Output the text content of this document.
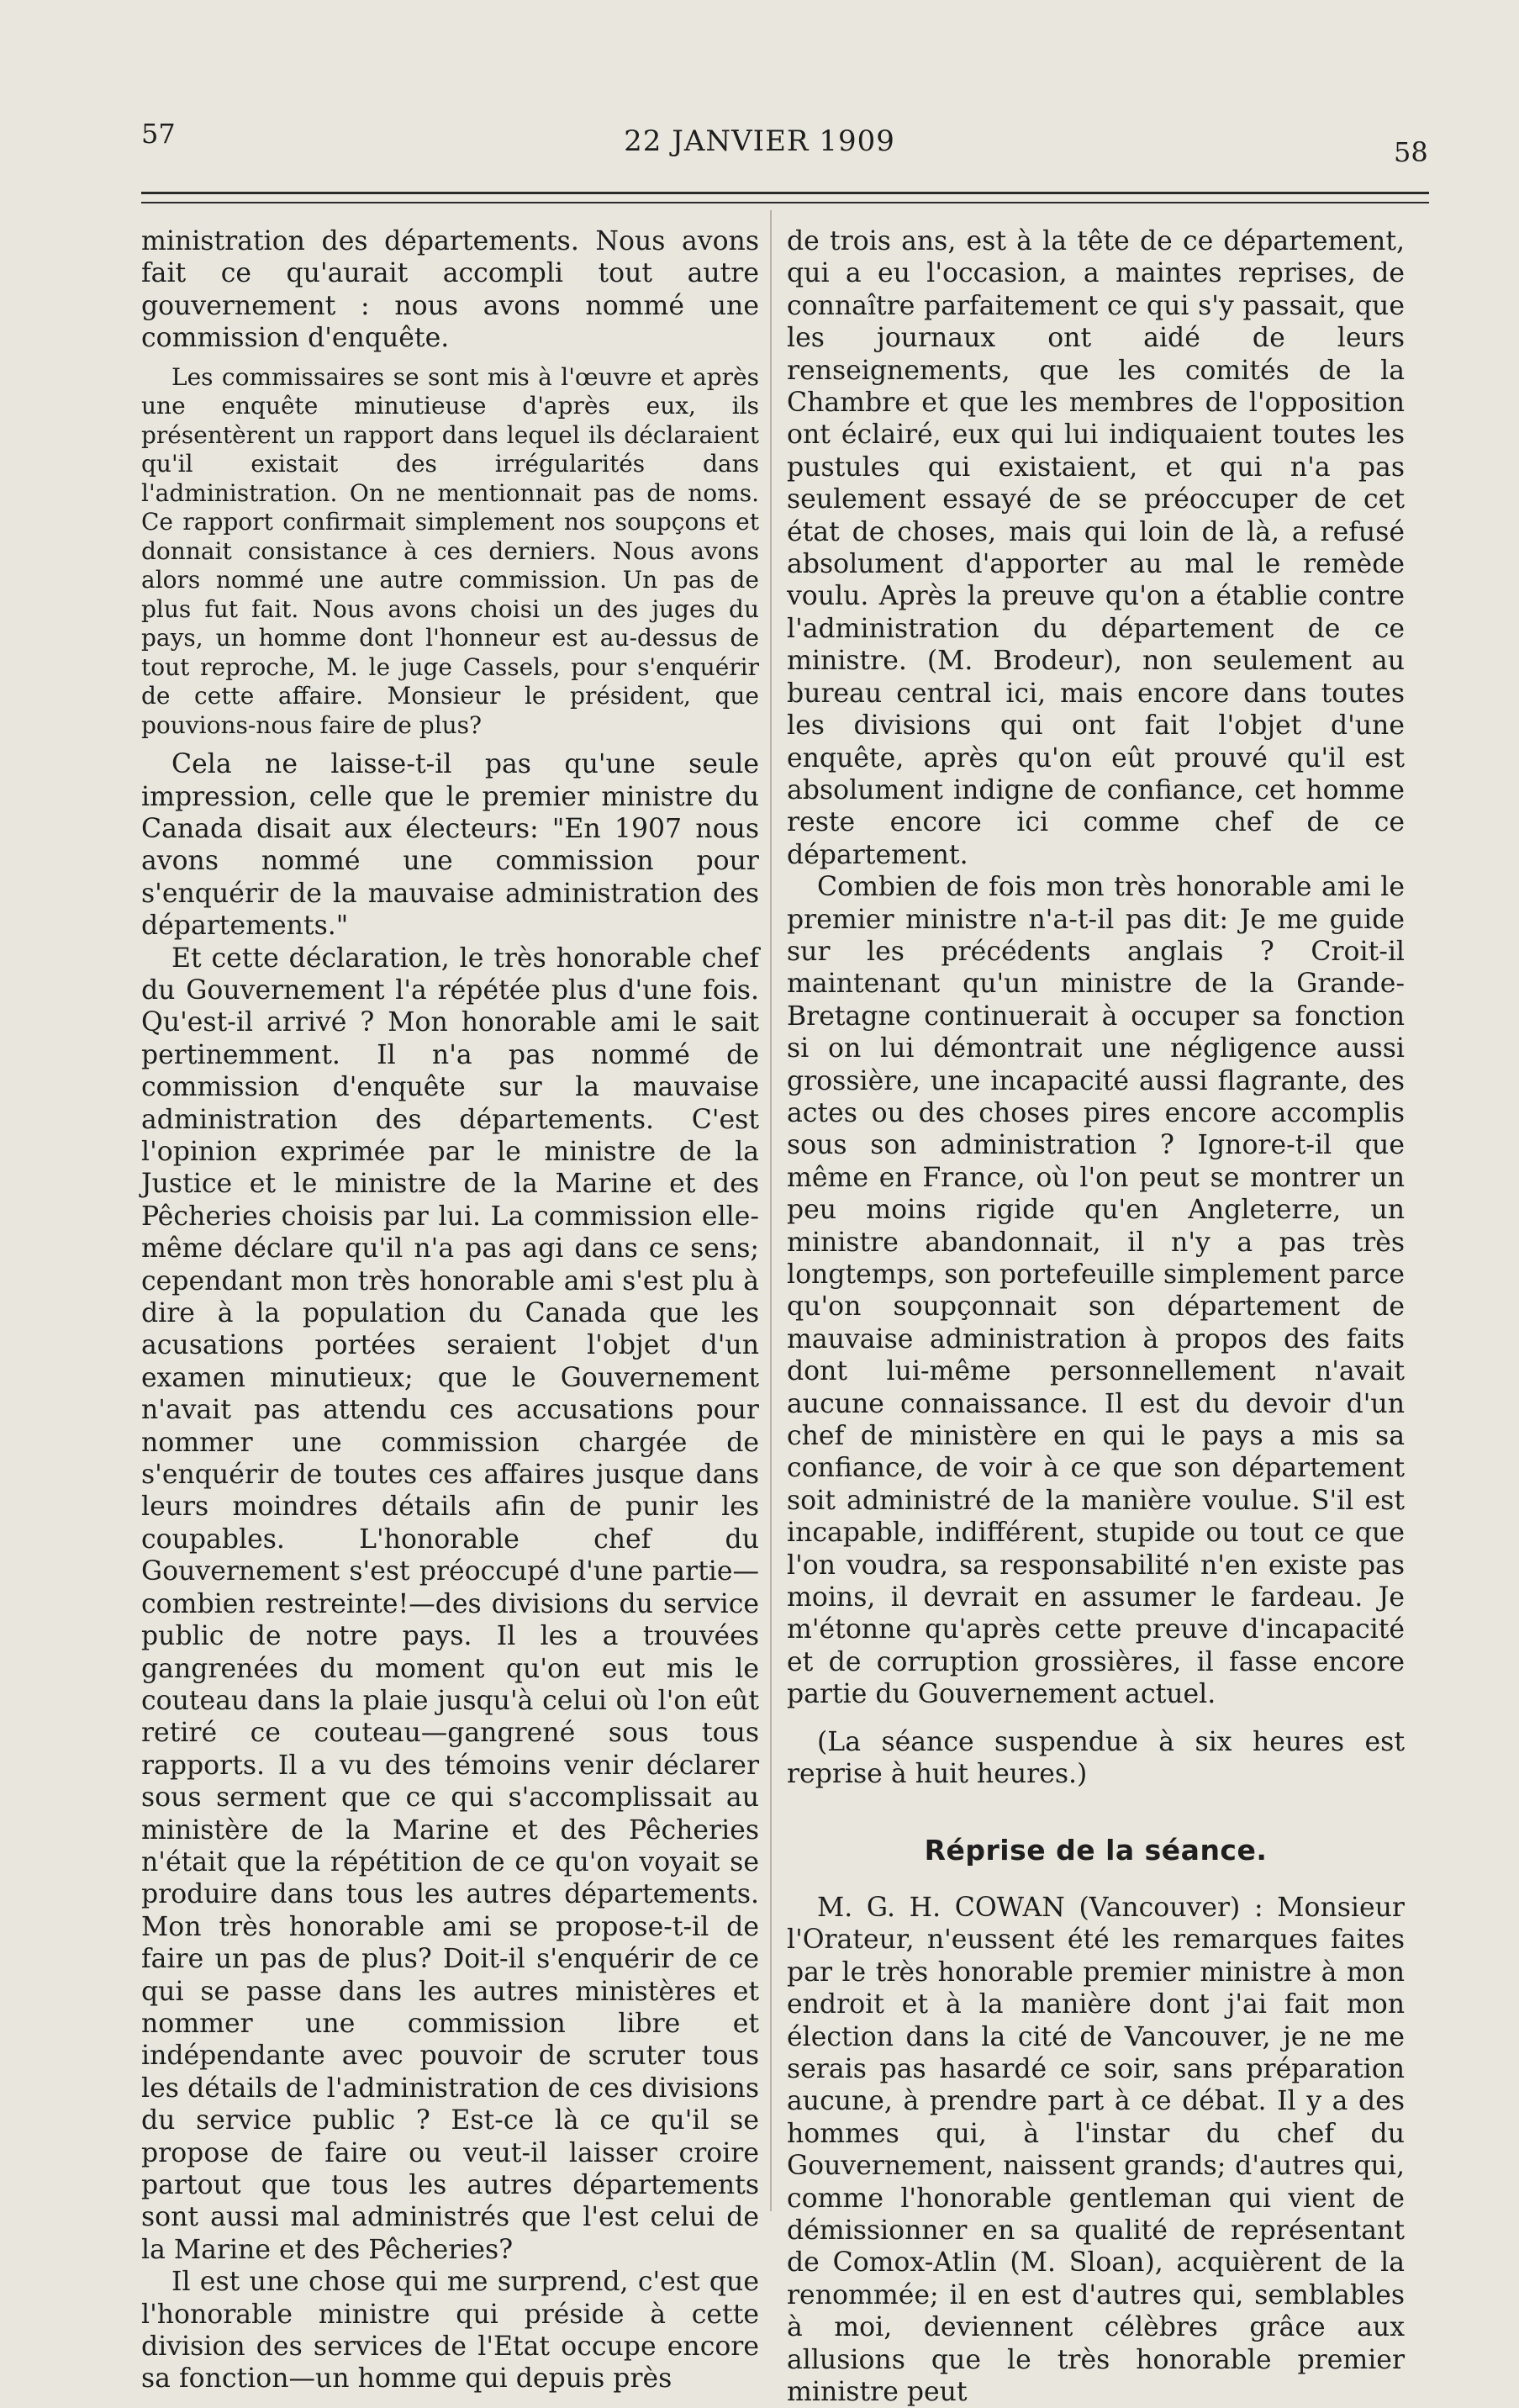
57	22 JANVIER 1909	58

ministration des départements. Nous avons fait ce qu'aurait accompli tout autre gouvernement : nous avons nommé une commission d'enquête.

Les commissaires se sont mis à l'œuvre et après une enquête minutieuse d'après eux, ils présentèrent un rapport dans lequel ils déclaraient qu'il existait des irrégularités dans l'administration. On ne mentionnait pas de noms. Ce rapport confirmait simplement nos soupçons et donnait consistance à ces derniers. Nous avons alors nommé une autre commission. Un pas de plus fut fait. Nous avons choisi un des juges du pays, un homme dont l'honneur est au-dessus de tout reproche, M. le juge Cassels, pour s'enquérir de cette affaire. Monsieur le président, que pouvions-nous faire de plus?

Cela ne laisse-t-il pas qu'une seule impression, celle que le premier ministre du Canada disait aux électeurs: "En 1907 nous avons nommé une commission pour s'enquérir de la mauvaise administration des départements."

Et cette déclaration, le très honorable chef du Gouvernement l'a répétée plus d'une fois. Qu'est-il arrivé ? Mon honorable ami le sait pertinemment. Il n'a pas nommé de commission d'enquête sur la mauvaise administration des départements. C'est l'opinion exprimée par le ministre de la Justice et le ministre de la Marine et des Pêcheries choisis par lui. La commission elle-même déclare qu'il n'a pas agi dans ce sens; cependant mon très honorable ami s'est plu à dire à la population du Canada que les acusations portées seraient l'objet d'un examen minutieux; que le Gouvernement n'avait pas attendu ces accusations pour nommer une commission chargée de s'enquérir de toutes ces affaires jusque dans leurs moindres détails afin de punir les coupables. L'honorable chef du Gouvernement s'est préoccupé d'une partie—combien restreinte!—des divisions du service public de notre pays. Il les a trouvées gangrenées du moment qu'on eut mis le couteau dans la plaie jusqu'à celui où l'on eût retiré ce couteau—gangrené sous tous rapports. Il a vu des témoins venir déclarer sous serment que ce qui s'accomplissait au ministère de la Marine et des Pêcheries n'était que la répétition de ce qu'on voyait se produire dans tous les autres départements. Mon très honorable ami se propose-t-il de faire un pas de plus? Doit-il s'enquérir de ce qui se passe dans les autres ministères et nommer une commission libre et indépendante avec pouvoir de scruter tous les détails de l'administration de ces divisions du service public ? Est-ce là ce qu'il se propose de faire ou veut-il laisser croire partout que tous les autres départements sont aussi mal administrés que l'est celui de la Marine et des Pêcheries?

Il est une chose qui me surprend, c'est que l'honorable ministre qui préside à cette division des services de l'Etat occupe encore sa fonction—un homme qui depuis près

de trois ans, est à la tête de ce département, qui a eu l'occasion, a maintes reprises, de connaître parfaitement ce qui s'y passait, que les journaux ont aidé de leurs renseignements, que les comités de la Chambre et que les membres de l'opposition ont éclairé, eux qui lui indiquaient toutes les pustules qui existaient, et qui n'a pas seulement essayé de se préoccuper de cet état de choses, mais qui loin de là, a refusé absolument d'apporter au mal le remède voulu. Après la preuve qu'on a établie contre l'administration du département de ce ministre. (M. Brodeur), non seulement au bureau central ici, mais encore dans toutes les divisions qui ont fait l'objet d'une enquête, après qu'on eût prouvé qu'il est absolument indigne de confiance, cet homme reste encore ici comme chef de ce département.

Combien de fois mon très honorable ami le premier ministre n'a-t-il pas dit: Je me guide sur les précédents anglais ? Croit-il maintenant qu'un ministre de la Grande-Bretagne continuerait à occuper sa fonction si on lui démontrait une négligence aussi grossière, une incapacité aussi flagrante, des actes ou des choses pires encore accomplis sous son administration ? Ignore-t-il que même en France, où l'on peut se montrer un peu moins rigide qu'en Angleterre, un ministre abandonnait, il n'y a pas très longtemps, son portefeuille simplement parce qu'on soupçonnait son département de mauvaise administration à propos des faits dont lui-même personnellement n'avait aucune connaissance. Il est du devoir d'un chef de ministère en qui le pays a mis sa confiance, de voir à ce que son département soit administré de la manière voulue. S'il est incapable, indifférent, stupide ou tout ce que l'on voudra, sa responsabilité n'en existe pas moins, il devrait en assumer le fardeau. Je m'étonne qu'après cette preuve d'incapacité et de corruption grossières, il fasse encore partie du Gouvernement actuel.

(La séance suspendue à six heures est reprise à huit heures.)

Réprise de la séance.

M. G. H. COWAN (Vancouver) : Monsieur l'Orateur, n'eussent été les remarques faites par le très honorable premier ministre à mon endroit et à la manière dont j'ai fait mon élection dans la cité de Vancouver, je ne me serais pas hasardé ce soir, sans préparation aucune, à prendre part à ce débat. Il y a des hommes qui, à l'instar du chef du Gouvernement, naissent grands; d'autres qui, comme l'honorable gentleman qui vient de démissionner en sa qualité de représentant de Comox-Atlin (M. Sloan), acquièrent de la renommée; il en est d'autres qui, semblables à moi, deviennent célèbres grâce aux allusions que le très honorable premier ministre peut
